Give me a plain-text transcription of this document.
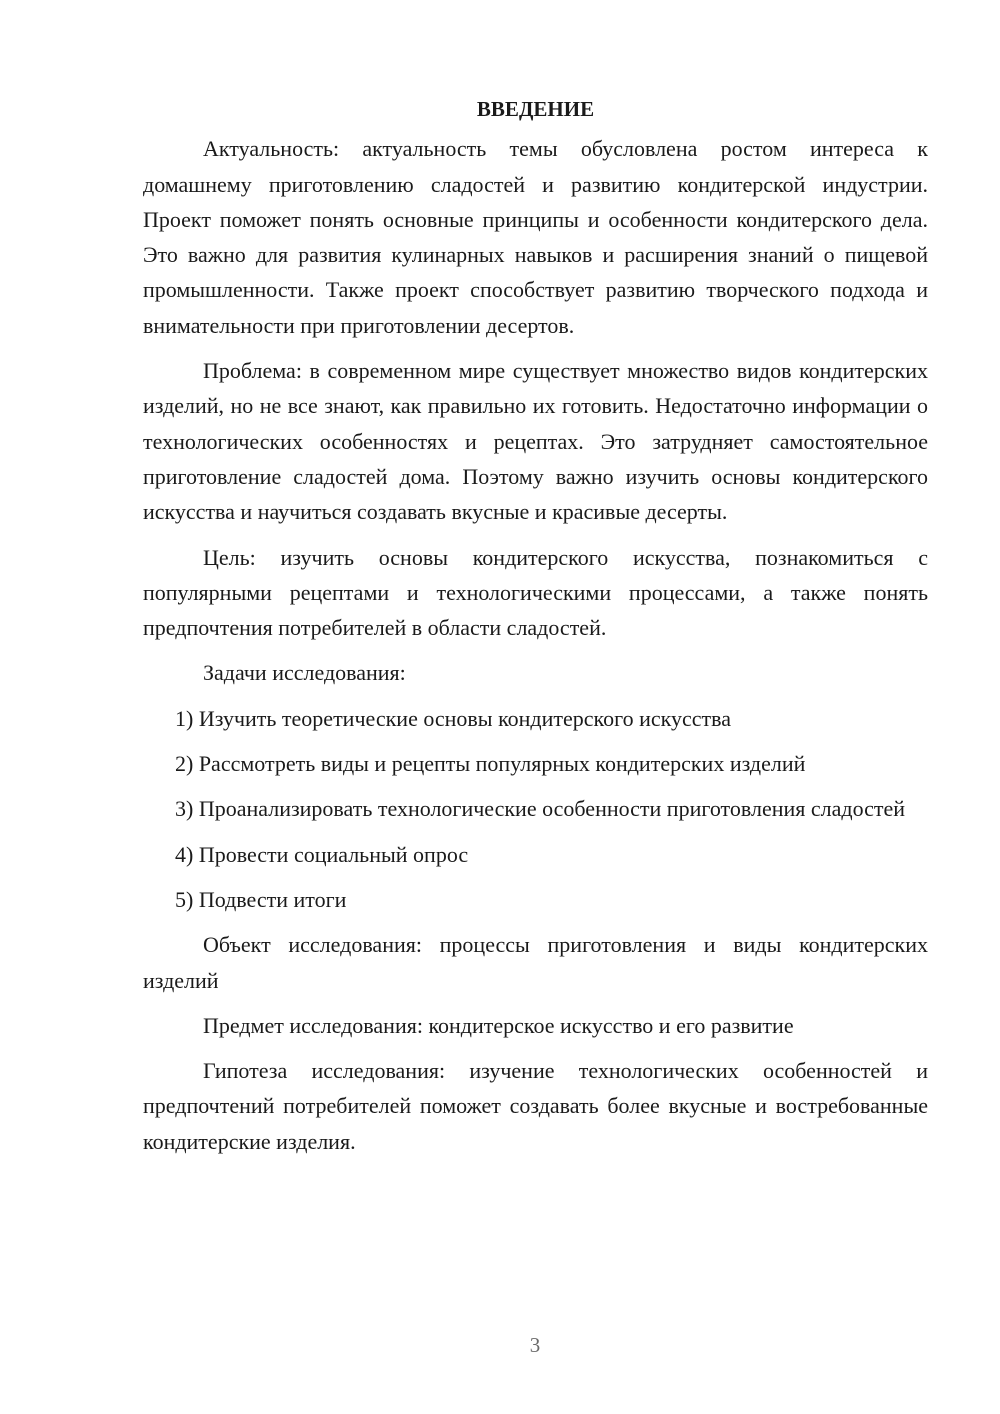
ВВЕДЕНИЕ

Актуальность: актуальность темы обусловлена ростом интереса к домашнему приготовлению сладостей и развитию кондитерской индустрии. Проект поможет понять основные принципы и особенности кондитерского дела. Это важно для развития кулинарных навыков и расширения знаний о пищевой промышленности. Также проект способствует развитию творческого подхода и внимательности при приготовлении десертов.

Проблема: в современном мире существует множество видов кондитерских изделий, но не все знают, как правильно их готовить. Недостаточно информации о технологических особенностях и рецептах. Это затрудняет самостоятельное приготовление сладостей дома. Поэтому важно изучить основы кондитерского искусства и научиться создавать вкусные и красивые десерты.

Цель: изучить основы кондитерского искусства, познакомиться с популярными рецептами и технологическими процессами, а также понять предпочтения потребителей в области сладостей.

Задачи исследования:

1) Изучить теоретические основы кондитерского искусства

2) Рассмотреть виды и рецепты популярных кондитерских изделий

3) Проанализировать технологические особенности приготовления сладостей

4) Провести социальный опрос

5) Подвести итоги

Объект исследования: процессы приготовления и виды кондитерских изделий

Предмет исследования: кондитерское искусство и его развитие

Гипотеза исследования: изучение технологических особенностей и предпочтений потребителей поможет создавать более вкусные и востребованные кондитерские изделия.

3
